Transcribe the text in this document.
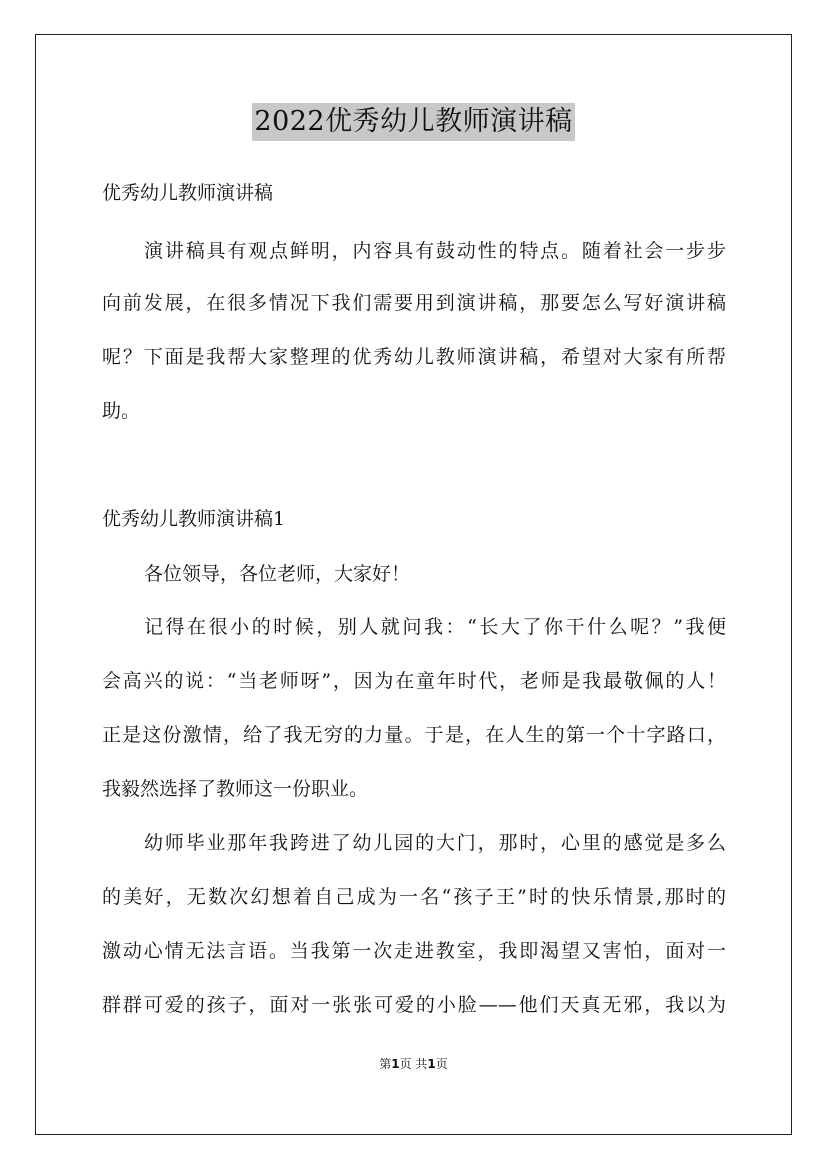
2022优秀幼儿教师演讲稿
优秀幼儿教师演讲稿
演讲稿具有观点鲜明，内容具有鼓动性的特点。随着社会一步步
向前发展，在很多情况下我们需要用到演讲稿，那要怎么写好演讲稿
呢？下面是我帮大家整理的优秀幼儿教师演讲稿，希望对大家有所帮
助。
优秀幼儿教师演讲稿1
各位领导，各位老师，大家好！
记得在很小的时候，别人就问我：“长大了你干什么呢？”我便
会高兴的说：“当老师呀”，因为在童年时代，老师是我最敬佩的人！
正是这份激情，给了我无穷的力量。于是，在人生的第一个十字路口，
我毅然选择了教师这一份职业。
幼师毕业那年我跨进了幼儿园的大门，那时，心里的感觉是多么
的美好，无数次幻想着自己成为一名“孩子王”时的快乐情景,那时的
激动心情无法言语。当我第一次走进教室，我即渴望又害怕，面对一
群群可爱的孩子，面对一张张可爱的小脸——他们天真无邪，我以为
第1页 共1页
